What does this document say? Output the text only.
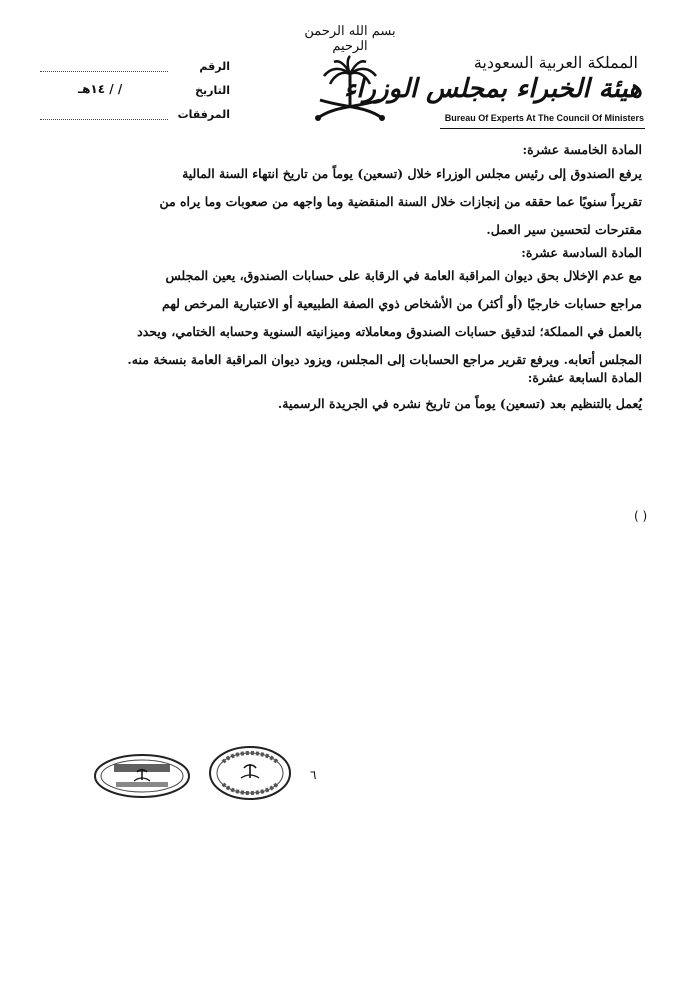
بسم الله الرحمن الرحيم
المملكة العربية السعودية
هيئة الخبراء بمجلس الوزراء
Bureau Of Experts At The Council Of Ministers
الرقم
التاريخ
/ / ١٤هـ
المرفقات
المادة الخامسة عشرة:
يرفع الصندوق إلى رئيس مجلس الوزراء خلال (تسعين) يوماً من تاريخ انتهاء السنة المالية
تقريراً سنويًا عما حققه من إنجازات خلال السنة المنقضية وما واجهه من صعوبات وما يراه من
مقترحات لتحسين سير العمل.
المادة السادسة عشرة:
مع عدم الإخلال بحق ديوان المراقبة العامة في الرقابة على حسابات الصندوق، يعين المجلس
مراجع حسابات خارجيًا (أو أكثر) من الأشخاص ذوي الصفة الطبيعية أو الاعتبارية المرخص لهم
بالعمل في المملكة؛ لتدقيق حسابات الصندوق ومعاملاته وميزانيته السنوية وحسابه الختامي، ويحدد
المجلس أتعابه. ويرفع تقرير مراجع الحسابات إلى المجلس، ويزود ديوان المراقبة العامة بنسخة منه.
المادة السابعة عشرة:
يُعمل بالتنظيم بعد (تسعين) يوماً من تاريخ نشره في الجريدة الرسمية.
( )
٦
